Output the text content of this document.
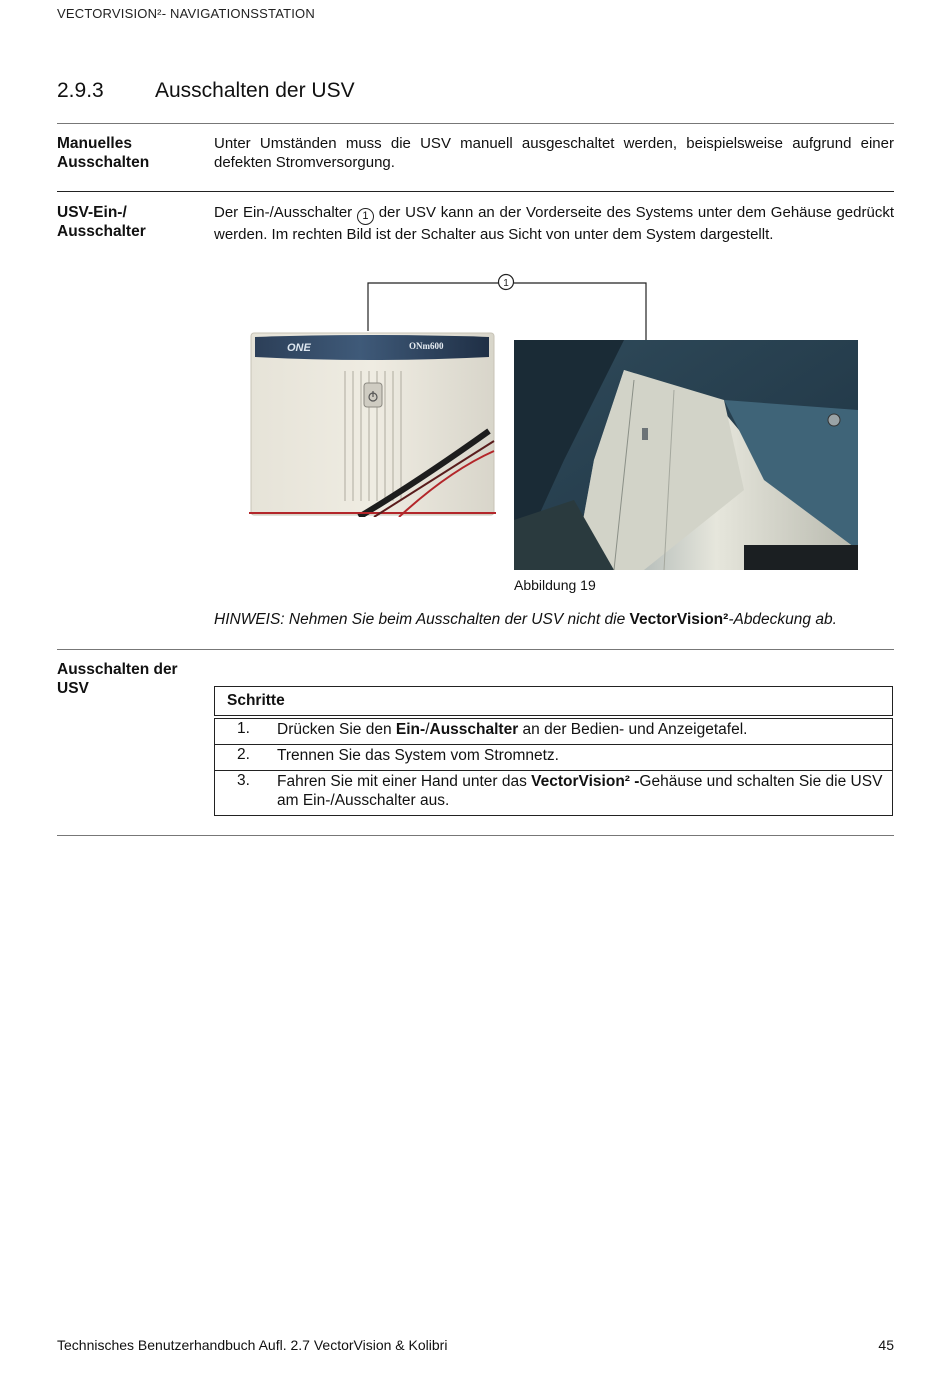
VECTORVISION²- NAVIGATIONSSTATION
2.9.3 Ausschalten der USV
Manuelles
Ausschalten
Unter Umständen muss die USV manuell ausgeschaltet werden, beispielsweise aufgrund einer defekten Stromversorgung.
USV-Ein-/
Ausschalter
Der Ein-/Ausschalter 1 der USV kann an der Vorderseite des Systems unter dem Gehäuse gedrückt werden. Im rechten Bild ist der Schalter aus Sicht von unter dem System dargestellt.
1
ONE	ONm600
Abbildung 19
HINWEIS: Nehmen Sie beim Ausschalten der USV nicht die VectorVision²-Abdeckung ab.
Ausschalten der
USV
Schritte	

1.	Drücken Sie den Ein-/Ausschalter an der Bedien- und Anzeigetafel.
2.	Trennen Sie das System vom Stromnetz.
3.	Fahren Sie mit einer Hand unter das VectorVision² -Gehäuse und schalten Sie die USV am Ein-/Ausschalter aus.
Technisches Benutzerhandbuch Aufl. 2.7 VectorVision & Kolibri	45
